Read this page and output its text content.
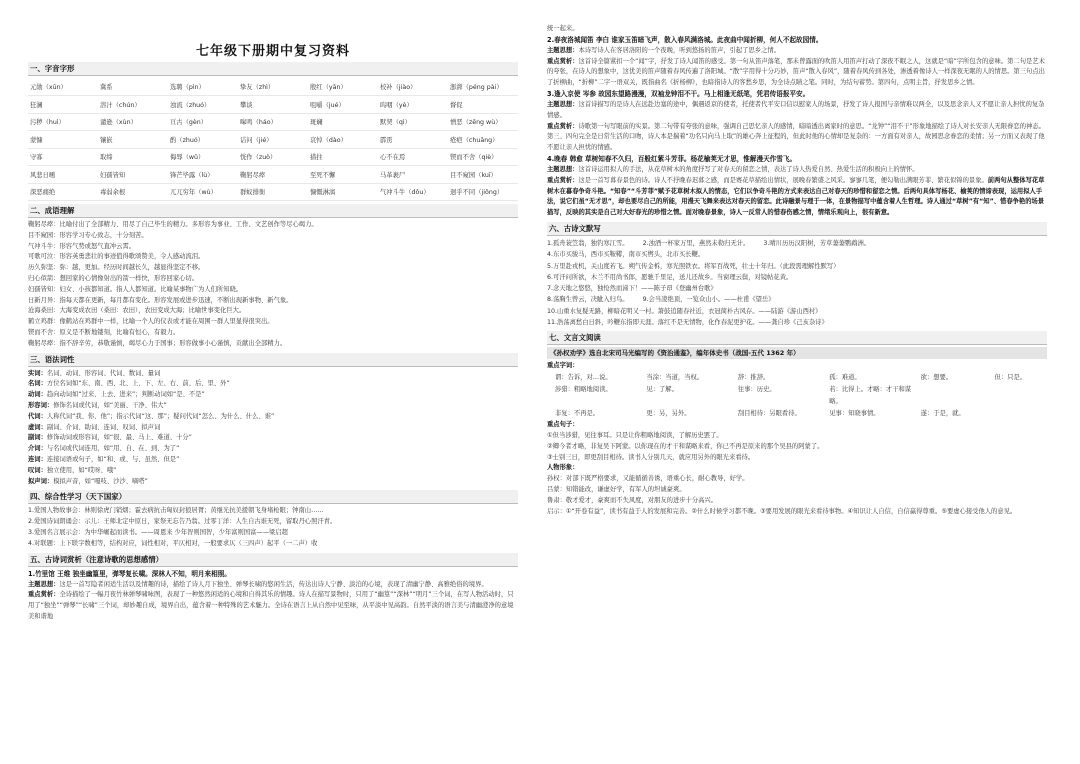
七年级下册期中复习资料
一、字音字形
元勋（xūn）	冀系	选聘（pìn）	挚友（zhì）	殷红（yān）	校补（jiào）	澎湃（péng pài）
狂澜	溶汁（chún）	浊流（zhuó）	攀谈	咀嚼（jué）	呜咽（yè）	督促
污秽（huì）	谴逊（xùn）	亘古（gèn）	嗥鸣（háo）	斑斓	默契（qì）	憎恶（zēng wù）
蒙慷	镶嵌	酌（zhuó）	诘问（jié）	哀悼（dào）	霹雳	疮疤（chuāng）
守寡	取缔	侮辱（wǔ）	恍作（zuò）	措拄	心不在焉	锲而不舍（qiè）
风悲日曛	妇孺皆知	锋芒毕露（lù）	鞠躬尽瘁	至死不懈	马革裹尸	目不窥园（kuī）
深恶痛绝	毒弱余根	兀兀穷年（wù）	群蚁排衙	慷慨淋漓	气冲斗牛（dǒu）	迥乎不同（jiǒng）
二、成语理解
鞠躬尽瘁：比喻付出了全部精力、用尽了自己毕生的精力。多形容为事业、工作、文艺创作等尽心竭力。
目不窥园：形容学习专心致志，十分刻苦。
气冲斗牛：形容气势或怒气直冲云霄。
可歌可泣：形容英勇悲壮的事迹值得歌颂赞美，令人感动流泪。
历久弥坚：弥：越，更加。经历时间越长久，越显得坚定不移。
归心似箭：想回家的心情像射出的箭一样快，形容回家心切。
妇孺皆知：妇女、小孩都知道。指人人都知道。比喻某事物广为人们所知晓。
日新月异：指每天都在更新，每月都有变化。形容发展或进步迅速，不断出现新事物、新气象。
沧海桑田：大海变成农田（桑田：农田），农田变成大海；比喻世事变化巨大。
鹤立鸡群：像鹤站在鸡群中一样，比喻一个人的仪表或才能在周围一群人里显得很突出。
锲而不舍：原义是不断地镂刻，比喻有恒心，有毅力。
鞠躬尽瘁：指不辞辛劳，恭敬谨慎，竭尽心力于国事；形容做事小心谨慎，贡献出全部精力。
三、语法词性
实词：名词、动词、形容词、代词、数词、量词
名词：方位名词如“东、南、西、北、上、下、左、右、前、后、里、外”
动词：趋向动词如“过来、上去、进来”；判断动词如“是、不是”
形容词：修饰名词或代词，如“美丽、干净、伟大”
代词：人称代词“我、你、他”；指示代词“这、那”；疑问代词“怎么、为什么、什么、谁”
虚词：副词、介词、助词、连词、叹词、拟声词
副词：修饰动词或形容词，如“很、最、马上、难道、十分”
介词：与名词或代词连用，如“用、自、在、到、为了”
连词：连接词语或句子，如“和、或、与、虽然、但是”
叹词：独立使用，如“哎呀、哦”
拟声词：模拟声音，如“嘎吱、沙沙、嘀嗒”
四、综合性学习（天下国家）
1.爱国人物故事会：林则徐虎门销烟；霍去病抗击匈奴封狼居胥；黄继光抗美援朝飞身堵枪眼；钟南山……
2.爱国诗词朗诵会：示儿：王师北定中原日，家祭无忘告乃翁。过零丁洋：人生自古谁无死，留取丹心照汗青。
3.爱国名言展示会：为中华崛起而读书。——周恩来 少年智则国智，少年富则国富——梁启超
4.对联题：上下联字数相等，结构对应，词性相对，平仄相对，一般要求仄（三四声）起平（一二声）收
五、古诗词赏析（注意诗歌的思想感情）
1.竹里馆 王维 独坐幽篁里，弹琴复长啸。深林人不知，明月来相照。
主题思想：这是一首写隐者闲适生活以及情趣的诗，描绘了诗人月下独坐、弹琴长啸的悠闲生活，传达出诗人宁静、淡泊的心境，表现了清幽宁静、高雅绝俗的境界。
重点赏析：全诗描绘了一幅月夜竹林弹琴啸咏图，表现了一种悠然闲适的心境和自得其乐的情趣。诗人在描写景物时，只用了“幽篁”“深林”“明月”三个词，在写人物活动时，只用了“独坐”“弹琴”“长啸”三个词，却妙趣自成，境界自出，蕴含着一种特殊的艺术魅力。全诗在语言上从自然中见至味，从平淡中见高韵。自然平淡的语言美与清幽澄净的意境美和谐地
统一起来。
2.春夜洛城闻笛 李白 谁家玉笛暗飞声，散入春风满洛城。此夜曲中闻折柳，何人不起故园情。
主题思想：本诗写诗人在客居洛阳的一个夜晚，听到悠扬的笛声，引起了思乡之情。
重点赏析：这首诗全篇紧扣一个“闻”字，抒发了诗人闻笛的感受。第一句从笛声落笔，那未曾露面的吹笛人用笛声打动了深夜不眠之人，这就是“暗”字所包含的意味。第二句是艺术的夸张，在诗人的想象中，这优美的笛声随着春风传遍了洛阳城。“散”字用得十分巧妙，笛声“散入春风”，随着春风传到各处，渗透着像诗人一样深夜无眠的人的情思。第三句点出了折柳曲，“折柳”二字一语双关，既指曲名《折杨柳》，也暗指诗人的客愁乡思，为全诗点睛之笔。同时，为结句蓄势。第四句，点明主旨，抒发思乡之情。
3.逢入京使 岑参 故园东望路漫漫，双袖龙钟泪不干。马上相逢无纸笔，凭君传语报平安。
主题思想：这首诗描写的是诗人在远赴边塞的途中，偶遇返京的使者，托使者代平安口信以慰家人的场景，抒发了诗人报国与亲情难以两全，以及思念亲人又不愿让亲人担忧的复杂情感。
重点赏析：诗歌第一句写眼前的实景。第二句带有夸张的意味，强调自己思忆亲人的感情，暗暗透出离家时的意思。“龙钟”“泪不干”形象地描绘了诗人对长安亲人无限眷恋的神态。第三、四句完全是日常生活的口吻，诗人本是揣着“功名只向马上取”的雄心奔上征程的，但此时他的心情却是复杂的：一方面有对亲人，故园思念眷恋的柔情；另一方面又表现了他不愿让亲人担忧的情感。
4.晚春 韩愈 草树知春不久归，百般红紫斗芳菲。杨花榆荚无才思，惟解漫天作雪飞。
主题思想：这首诗运用拟人的手法，从花草树木的角度抒写了对春天的留恋之情，表达了诗人热爱自然、热爱生活的积极向上的情怀。
重点赏析：这是一首写暮春景色的诗。诗人不抒晚春迟暮之感，而是赛花草描绘出情状，展晚春繁盛之风采。寥寥几笔，便勾勒出满眼芳菲、繁花似锦的景象。前两句从整体写花草树木在暮春争奇斗艳。“知春”“斗芳菲”赋予花草树木拟人的情态，它们以争奇斗艳的方式来表达自己对春天的珍惜和留恋之情。后两句具体写杨花、榆荚的情谛表现，运用拟人手法，说它们虽“无才思”，却也要尽自己的所能，用漫天飞舞来表达对春天的留恋。此诗融景与理于一体，在景物描写中蕴含着人生哲理。诗人通过“草树”有“知”、惜春争艳的场景描写，反映的其实是自己对大好春光的珍惜之情。面对晚春景象，诗人一反常人的惜春伤感之情，情绪乐观向上，很有新意。
六、古诗文默写
1.孤舟蓑笠翁，独钓寒江雪。 2.浊酒一杯家万里，燕然未勒归无计。 3.晴川历历汉阳树，芳草萋萋鹦鹉洲。
4.东市买骏马，西市买鞍鞯，南市买辔头，北市买长鞭。
5.万里赴戎机，关山度若飞。朔气传金柝，寒光照铁衣。将军百战死，壮士十年归。（此段需理解性默写）
6.可汗问所欲，木兰不用尚书郎，愿驰千里足，送儿还故乡。当窗理云鬓，对镜帖花黄。
7.念天地之悠悠，独怆然而涕下！——陈子昂《登幽州台歌》
8.荡胸生曾云，决眦入归鸟。 9.会当凌绝顶，一览众山小。——杜甫《望岳》
10.山重水复疑无路，柳暗花明又一村。箫鼓追随春社近，衣冠简朴古风存。——陆游《游山西村》
11.浩荡离愁白日斜，吟鞭东指即天涯。落红不是无情物，化作春泥更护花。——龚自珍《己亥杂诗》
七、文言文阅读
《孙权劝学》选自北宋司马光编写的《资治通鉴》，编年体史书（战国-五代 1362 年）
重点字词：
谓：告诉，对…说。	当涂：当道，当权。	辞：推辞。	孤：难道。	欲：想要。	但：只是。
涉猎：粗略地阅读。	见：了解。	往事：历史。	若：比得上。才略：才干和谋略。
非复：不再是。	更：另，另外。	刮目相待：另眼看待。	见事：知晓事情。	遂：于是，就。
重点句子：
①但当涉猎，见往事耳。只是让你粗略地阅读，了解历史罢了。
②卿今者才略，非复吴下阿蒙。以你现在的才干和谋略来看，你已不再是原来的那个吴县的阿蒙了。
③士别三日，即更刮目相待。读书人分别几天，就应用另外的眼光来看待。
人物形象：
孙权：对部下既严格要求，又能循循善诱，语重心长，耐心教导，好学。
吕蒙：知错能改，谦虚好学，有军人的坦诚豪爽。
鲁肃：敬才爱才，豪爽而不失风度，对朋友的进步十分高兴。
启示：①“开卷有益”，读书有益于人的发展和完善。②什么时候学习都不晚。③要用发展的眼光来看待事物。④知识让人自信，自信赢得尊重。⑤要虚心接受他人的意见。
